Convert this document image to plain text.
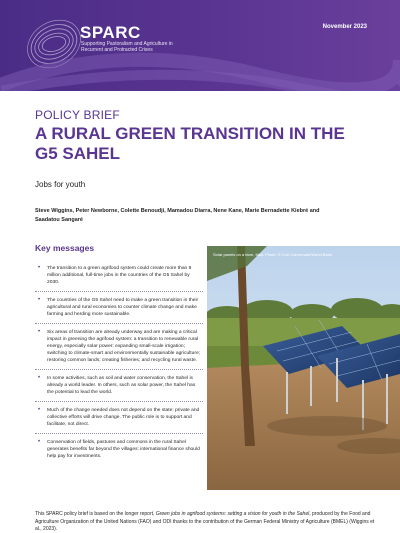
SPARC
Supporting Pastoralism and Agriculture in Recurrent and Protracted Crises
November 2023
POLICY BRIEF
A RURAL GREEN TRANSITION IN THE G5 SAHEL
Jobs for youth
Steve Wiggins, Peter Newborne, Colette Benoudji, Mamadou Diarra, Nene Kane, Marie Bernadette Kiebré and Saadatou Sangaré
Key messages
• The transition to a green agrifood system could create more than 8 million additional, full-time jobs in the countries of the G5 Sahel by 2030.
• The countries of the G5 Sahel need to make a green transition in their agricultural and rural economies to counter climate change and make farming and herding more sustainable.
• Six areas of transition are already underway and are making a critical impact in greening the agrifood system: a transition to renewable rural energy, especially solar power; expanding small-scale irrigation; switching to climate-smart and environmentally sustainable agriculture; restoring common lands; creating fisheries; and recycling rural waste.
• In some activities, such as soil and water conservation, the Sahel is already a world leader. In others, such as solar power, the Sahel has the potential to lead the world.
• Much of the change needed does not depend on the state: private and collective efforts will drive change. The public role is to support and facilitate, not direct.
• Conservation of fields, pastures and commons in the rural Sahel generates benefits far beyond the villages: international finance should help pay for investments.
Solar panels on a farm, Mali. Photo: © Curt Carnemark/World Bank

This SPARC policy brief is based on the longer report, Green jobs in agrifood systems: setting a vision for youth in the Sahel, produced by the Food and Agriculture Organization of the United Nations (FAO) and ODI thanks to the contribution of the German Federal Ministry of Agriculture (BMEL) (Wiggins et al., 2023).
